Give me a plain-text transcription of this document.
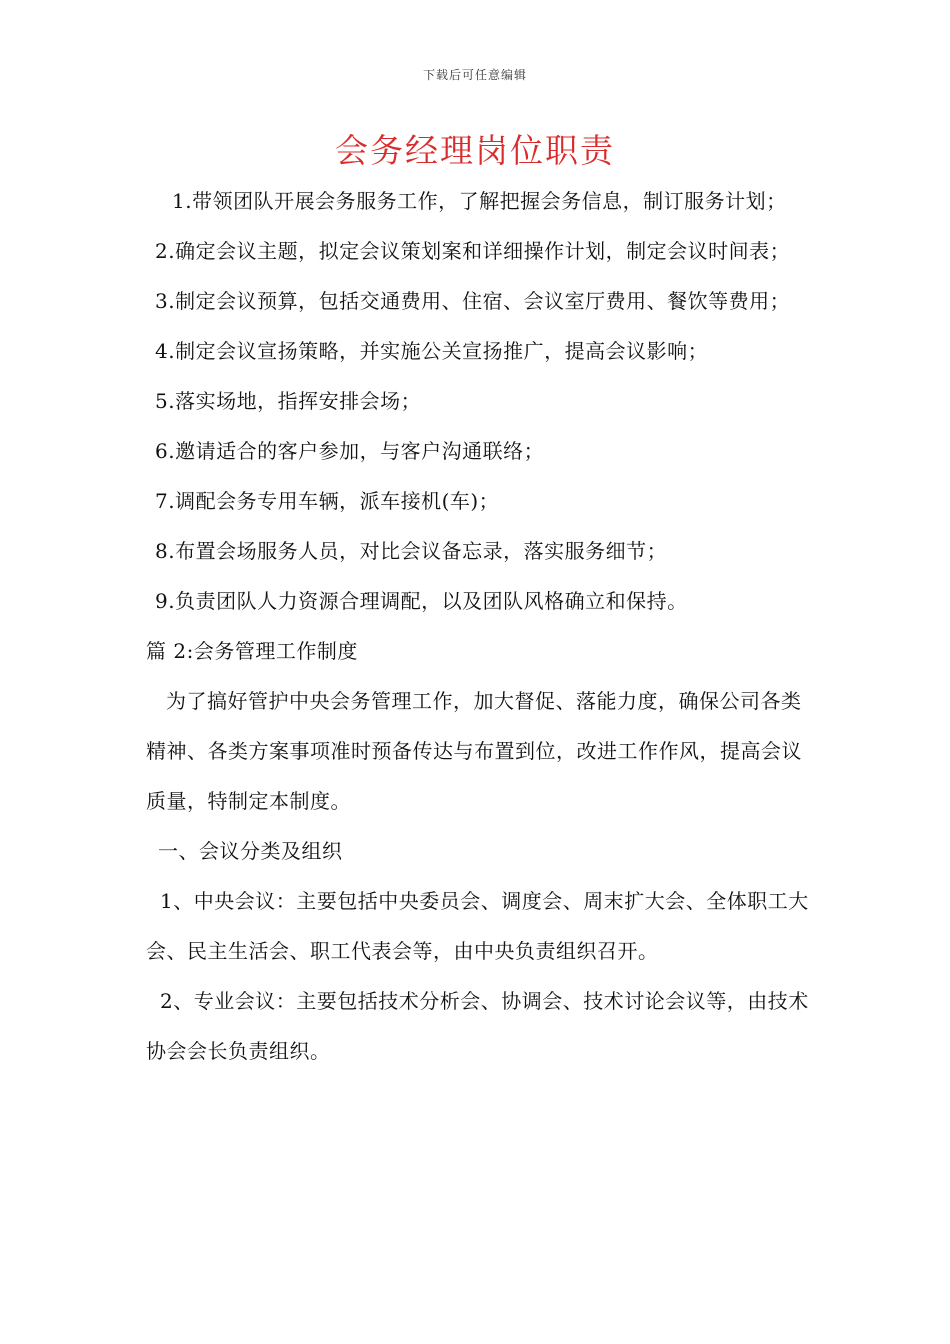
下载后可任意编辑
会务经理岗位职责

1.带领团队开展会务服务工作，了解把握会务信息，制订服务计划；

2.确定会议主题，拟定会议策划案和详细操作计划，制定会议时间表；

3.制定会议预算，包括交通费用、住宿、会议室厅费用、餐饮等费用；

4.制定会议宣扬策略，并实施公关宣扬推广，提高会议影响；

5.落实场地，指挥安排会场；

6.邀请适合的客户参加，与客户沟通联络；

7.调配会务专用车辆，派车接机(车)；

8.布置会场服务人员，对比会议备忘录，落实服务细节；

9.负责团队人力资源合理调配，以及团队风格确立和保持。

篇 2:会务管理工作制度

为了搞好管护中央会务管理工作，加大督促、落能力度，确保公司各类精神、各类方案事项准时预备传达与布置到位，改进工作作风，提高会议质量，特制定本制度。

一、会议分类及组织

1、中央会议：主要包括中央委员会、调度会、周末扩大会、全体职工大会、民主生活会、职工代表会等，由中央负责组织召开。

2、专业会议：主要包括技术分析会、协调会、技术讨论会议等，由技术协会会长负责组织。
